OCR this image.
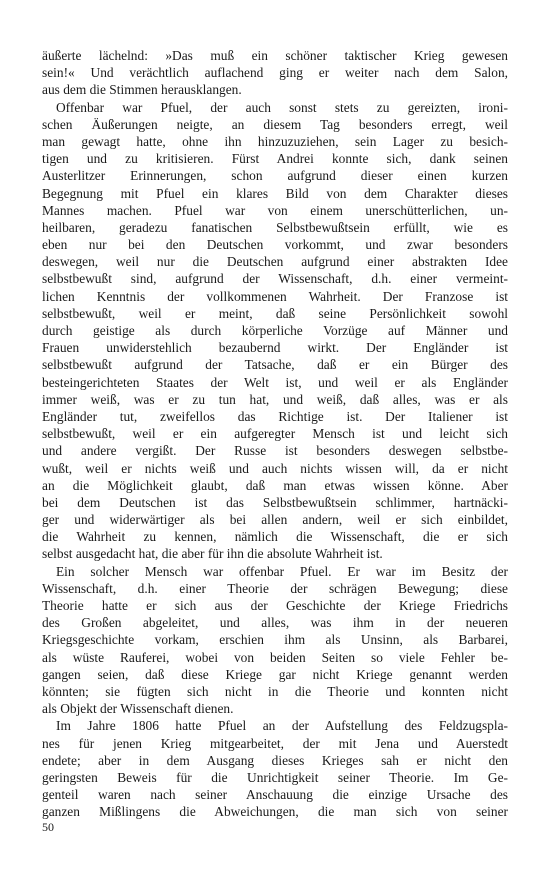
äußerte lächelnd: »Das muß ein schöner taktischer Krieg gewesen
sein!« Und verächtlich auflachend ging er weiter nach dem Salon,
aus dem die Stimmen herausklangen.
Offenbar war Pfuel, der auch sonst stets zu gereizten, ironi-
schen Äußerungen neigte, an diesem Tag besonders erregt, weil
man gewagt hatte, ohne ihn hinzuzuziehen, sein Lager zu besich-
tigen und zu kritisieren. Fürst Andrei konnte sich, dank seinen
Austerlitzer Erinnerungen, schon aufgrund dieser einen kurzen
Begegnung mit Pfuel ein klares Bild von dem Charakter dieses
Mannes machen. Pfuel war von einem unerschütterlichen, un-
heilbaren, geradezu fanatischen Selbstbewußtsein erfüllt, wie es
eben nur bei den Deutschen vorkommt, und zwar besonders
deswegen, weil nur die Deutschen aufgrund einer abstrakten Idee
selbstbewußt sind, aufgrund der Wissenschaft, d.h. einer vermeint-
lichen Kenntnis der vollkommenen Wahrheit. Der Franzose ist
selbstbewußt, weil er meint, daß seine Persönlichkeit sowohl
durch geistige als durch körperliche Vorzüge auf Männer und
Frauen unwiderstehlich bezaubernd wirkt. Der Engländer ist
selbstbewußt aufgrund der Tatsache, daß er ein Bürger des
besteingerichteten Staates der Welt ist, und weil er als Engländer
immer weiß, was er zu tun hat, und weiß, daß alles, was er als
Engländer tut, zweifellos das Richtige ist. Der Italiener ist
selbstbewußt, weil er ein aufgeregter Mensch ist und leicht sich
und andere vergißt. Der Russe ist besonders deswegen selbstbe-
wußt, weil er nichts weiß und auch nichts wissen will, da er nicht
an die Möglichkeit glaubt, daß man etwas wissen könne. Aber
bei dem Deutschen ist das Selbstbewußtsein schlimmer, hartnäcki-
ger und widerwärtiger als bei allen andern, weil er sich einbildet,
die Wahrheit zu kennen, nämlich die Wissenschaft, die er sich
selbst ausgedacht hat, die aber für ihn die absolute Wahrheit ist.
Ein solcher Mensch war offenbar Pfuel. Er war im Besitz der
Wissenschaft, d.h. einer Theorie der schrägen Bewegung; diese
Theorie hatte er sich aus der Geschichte der Kriege Friedrichs
des Großen abgeleitet, und alles, was ihm in der neueren
Kriegsgeschichte vorkam, erschien ihm als Unsinn, als Barbarei,
als wüste Rauferei, wobei von beiden Seiten so viele Fehler be-
gangen seien, daß diese Kriege gar nicht Kriege genannt werden
könnten; sie fügten sich nicht in die Theorie und konnten nicht
als Objekt der Wissenschaft dienen.
Im Jahre 1806 hatte Pfuel an der Aufstellung des Feldzugspla-
nes für jenen Krieg mitgearbeitet, der mit Jena und Auerstedt
endete; aber in dem Ausgang dieses Krieges sah er nicht den
geringsten Beweis für die Unrichtigkeit seiner Theorie. Im Ge-
genteil waren nach seiner Anschauung die einzige Ursache des
ganzen Mißlingens die Abweichungen, die man sich von seiner
50
